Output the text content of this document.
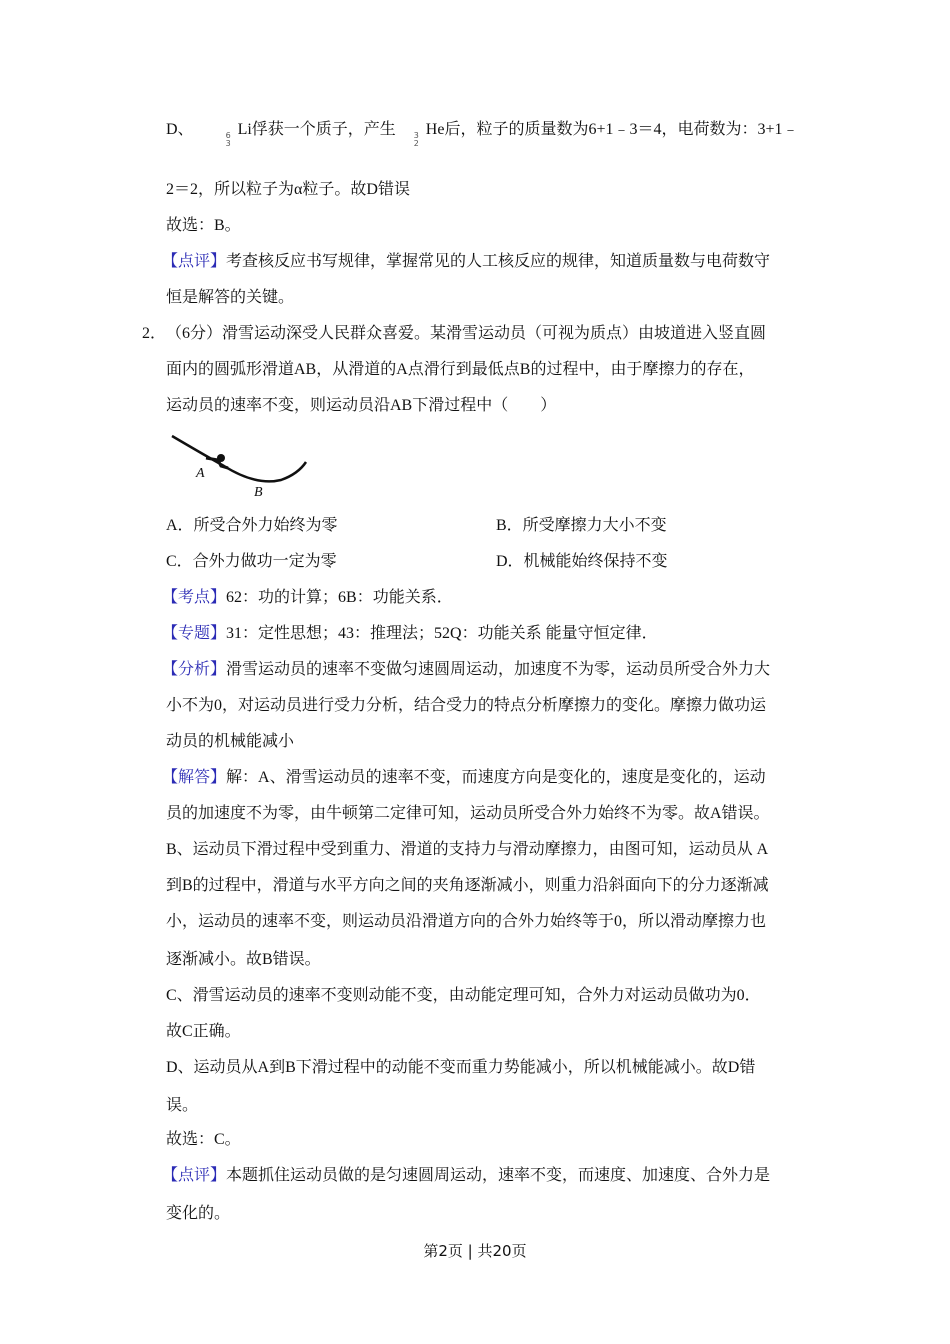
D、	6
3
Li俘获一个质子，产生 3
2
He后，粒子的质量数为6+1﹣3＝4，电荷数为：3+1﹣
2＝2，所以粒子为α粒子。故D错误
故选：B。
【点评】考查核反应书写规律，掌握常见的人工核反应的规律，知道质量数与电荷数守
恒是解答的关键。
2． （6分）滑雪运动深受人民群众喜爱。某滑雪运动员（可视为质点）由坡道进入竖直圆
面内的圆弧形滑道AB，从滑道的A点滑行到最低点B的过程中，由于摩擦力的存在，
运动员的速率不变，则运动员沿AB下滑过程中（　　）
A
B
A．所受合外力始终为零	B．所受摩擦力大小不变
C．合外力做功一定为零	D．机械能始终保持不变
【考点】62：功的计算；6B：功能关系．
【专题】31：定性思想；43：推理法；52Q：功能关系 能量守恒定律．
【分析】滑雪运动员的速率不变做匀速圆周运动，加速度不为零，运动员所受合外力大
小不为0，对运动员进行受力分析，结合受力的特点分析摩擦力的变化。摩擦力做功运
动员的机械能减小
【解答】解：A、滑雪运动员的速率不变，而速度方向是变化的，速度是变化的，运动
员的加速度不为零，由牛顿第二定律可知，运动员所受合外力始终不为零。故A错误。
B、运动员下滑过程中受到重力、滑道的支持力与滑动摩擦力，由图可知，运动员从 A
到B的过程中，滑道与水平方向之间的夹角逐渐减小，则重力沿斜面向下的分力逐渐减
小，运动员的速率不变，则运动员沿滑道方向的合外力始终等于0，所以滑动摩擦力也
逐渐减小。故B错误。
C、滑雪运动员的速率不变则动能不变，由动能定理可知，合外力对运动员做功为0．
故C正确。
D、运动员从A到B下滑过程中的动能不变而重力势能减小，所以机械能减小。故D错
误。
故选：C。
【点评】本题抓住运动员做的是匀速圆周运动，速率不变，而速度、加速度、合外力是
变化的。
第2页 | 共20页
